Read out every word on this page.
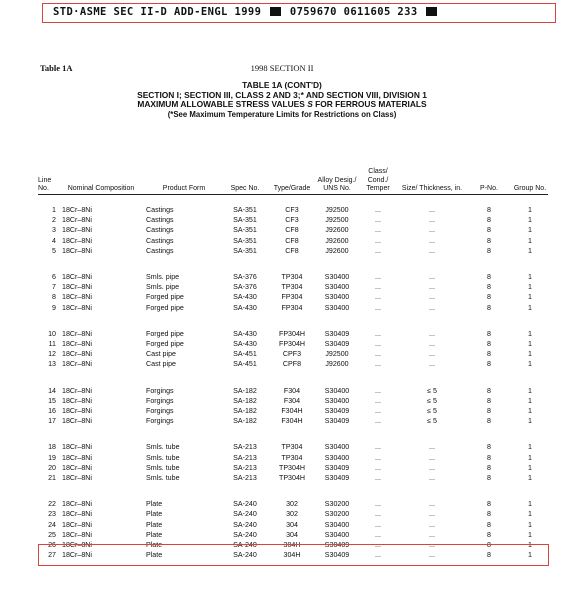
STD·ASME SEC II-D ADD-ENGL 1999	0759670 0611605 233
Table 1A	1998 SECTION II
TABLE 1A (CONT'D)
SECTION I; SECTION III, CLASS 2 AND 3;* AND SECTION VIII, DIVISION 1
MAXIMUM ALLOWABLE STRESS VALUES S FOR FERROUS MATERIALS
(*See Maximum Temperature Limits for Restrictions on Class)
Line No.	Nominal Composition	Product Form	Spec No.	Type/Grade	Alloy Desig./ UNS No.	Class/ Cond./ Temper	Size/ Thickness, in.	P-No.	Group No.
1	18Cr–8Ni	Castings	SA-351	CF3	J92500	...	...	8	1
2	18Cr–8Ni	Castings	SA-351	CF3	J92500	...	...	8	1
3	18Cr–8Ni	Castings	SA-351	CF8	J92600	...	...	8	1
4	18Cr–8Ni	Castings	SA-351	CF8	J92600	...	...	8	1
5	18Cr–8Ni	Castings	SA-351	CF8	J92600	...	...	8	1

6	18Cr–8Ni	Smls. pipe	SA-376	TP304	S30400	...	...	8	1
7	18Cr–8Ni	Smls. pipe	SA-376	TP304	S30400	...	...	8	1
8	18Cr–8Ni	Forged pipe	SA-430	FP304	S30400	...	...	8	1
9	18Cr–8Ni	Forged pipe	SA-430	FP304	S30400	...	...	8	1

10	18Cr–8Ni	Forged pipe	SA-430	FP304H	S30409	...	...	8	1
11	18Cr–8Ni	Forged pipe	SA-430	FP304H	S30409	...	...	8	1
12	18Cr–8Ni	Cast pipe	SA-451	CPF3	J92500	...	...	8	1
13	18Cr–8Ni	Cast pipe	SA-451	CPF8	J92600	...	...	8	1

14	18Cr–8Ni	Forgings	SA-182	F304	S30400	...	≤ 5	8	1
15	18Cr–8Ni	Forgings	SA-182	F304	S30400	...	≤ 5	8	1
16	18Cr–8Ni	Forgings	SA-182	F304H	S30409	...	≤ 5	8	1
17	18Cr–8Ni	Forgings	SA-182	F304H	S30409	...	≤ 5	8	1

18	18Cr–8Ni	Smls. tube	SA-213	TP304	S30400	...	...	8	1
19	18Cr–8Ni	Smls. tube	SA-213	TP304	S30400	...	...	8	1
20	18Cr–8Ni	Smls. tube	SA-213	TP304H	S30409	...	...	8	1
21	18Cr–8Ni	Smls. tube	SA-213	TP304H	S30409	...	...	8	1

22	18Cr–8Ni	Plate	SA-240	302	S30200	...	...	8	1
23	18Cr–8Ni	Plate	SA-240	302	S30200	...	...	8	1
24	18Cr–8Ni	Plate	SA-240	304	S30400	...	...	8	1
25	18Cr–8Ni	Plate	SA-240	304	S30400	...	...	8	1
26	18Cr–8Ni	Plate	SA-240	304H	S30409	...	...	8	1
27	18Cr–8Ni	Plate	SA-240	304H	S30409	...	...	8	1
